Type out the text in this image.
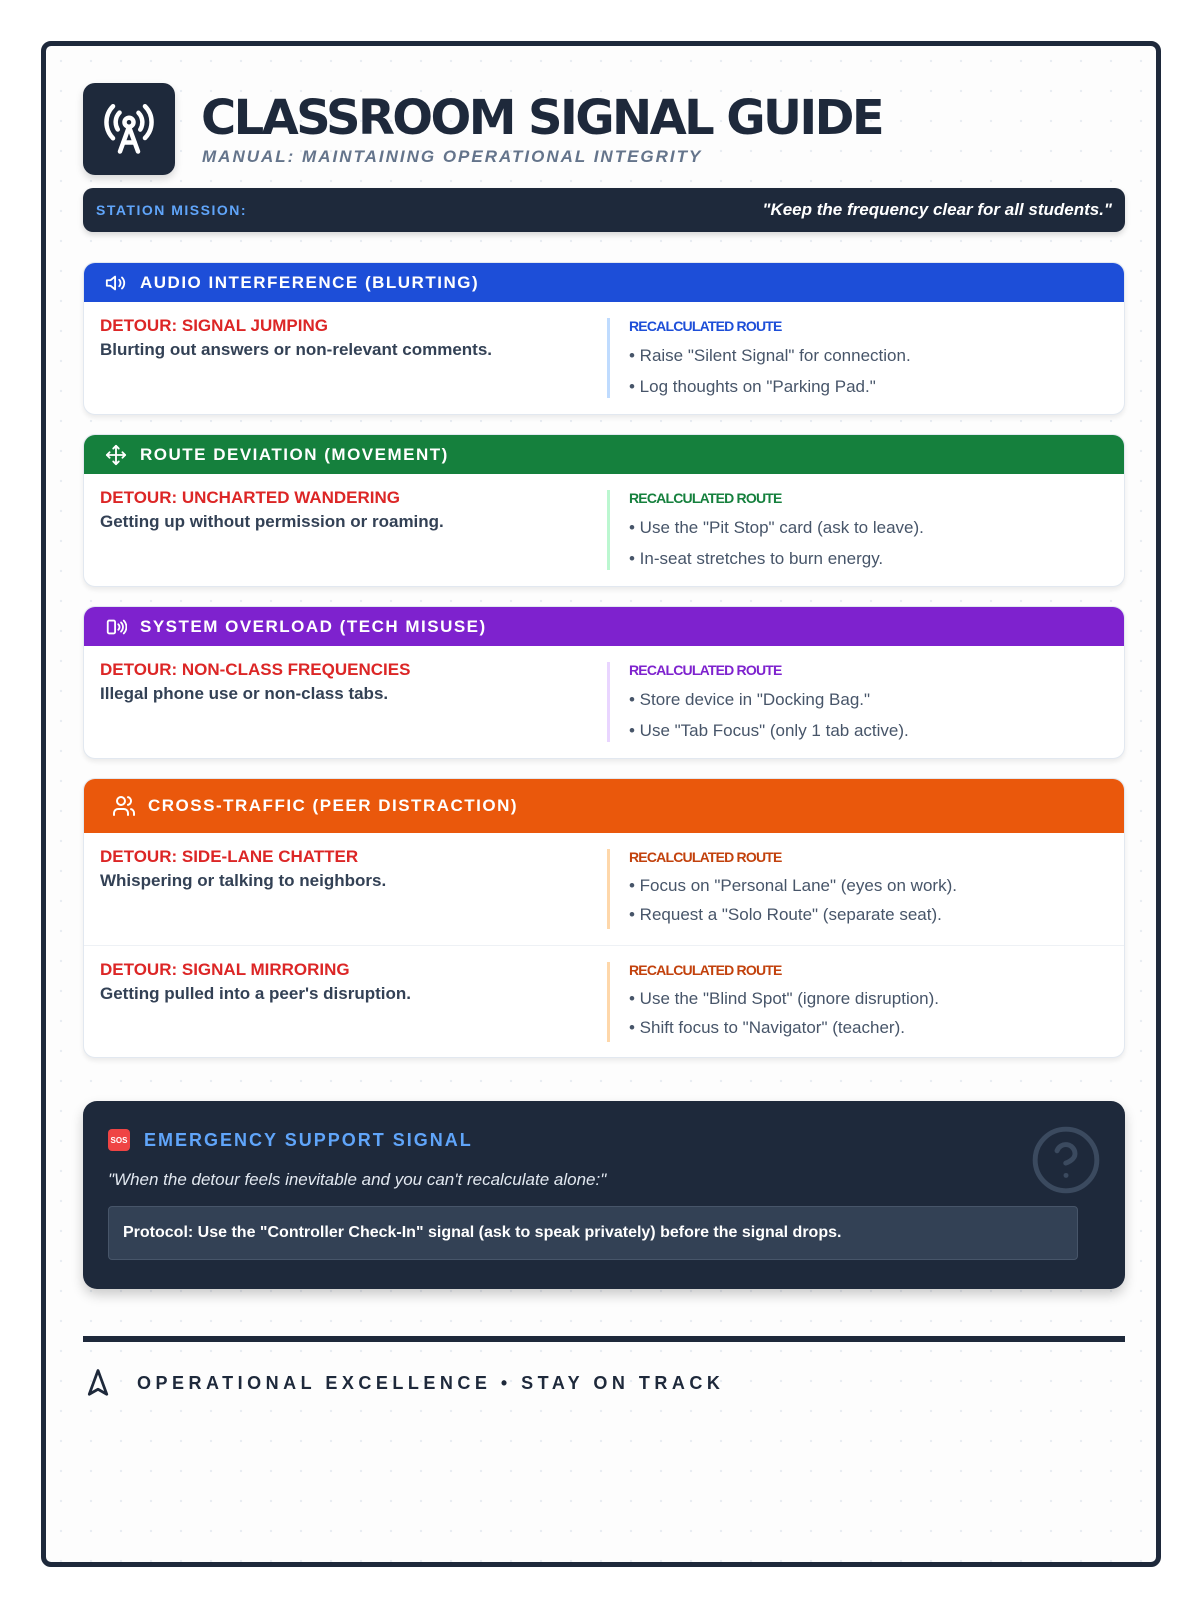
CLASSROOM SIGNAL GUIDE
MANUAL: MAINTAINING OPERATIONAL INTEGRITY
STATION MISSION:	"Keep the frequency clear for all students."
AUDIO INTERFERENCE (BLURTING)
DETOUR: SIGNAL JUMPING
Blurting out answers or non-relevant comments.
RECALCULATED ROUTE
• Raise "Silent Signal" for connection.
• Log thoughts on "Parking Pad."
ROUTE DEVIATION (MOVEMENT)
DETOUR: UNCHARTED WANDERING
Getting up without permission or roaming.
RECALCULATED ROUTE
• Use the "Pit Stop" card (ask to leave).
• In-seat stretches to burn energy.
SYSTEM OVERLOAD (TECH MISUSE)
DETOUR: NON-CLASS FREQUENCIES
Illegal phone use or non-class tabs.
RECALCULATED ROUTE
• Store device in "Docking Bag."
• Use "Tab Focus" (only 1 tab active).
CROSS-TRAFFIC (PEER DISTRACTION)
DETOUR: SIDE-LANE CHATTER
Whispering or talking to neighbors.
RECALCULATED ROUTE
• Focus on "Personal Lane" (eyes on work).
• Request a "Solo Route" (separate seat).
DETOUR: SIGNAL MIRRORING
Getting pulled into a peer's disruption.
RECALCULATED ROUTE
• Use the "Blind Spot" (ignore disruption).
• Shift focus to "Navigator" (teacher).
SOS EMERGENCY SUPPORT SIGNAL
"When the detour feels inevitable and you can't recalculate alone:"
Protocol: Use the "Controller Check-In" signal (ask to speak privately) before the signal drops.
OPERATIONAL EXCELLENCE • STAY ON TRACK
